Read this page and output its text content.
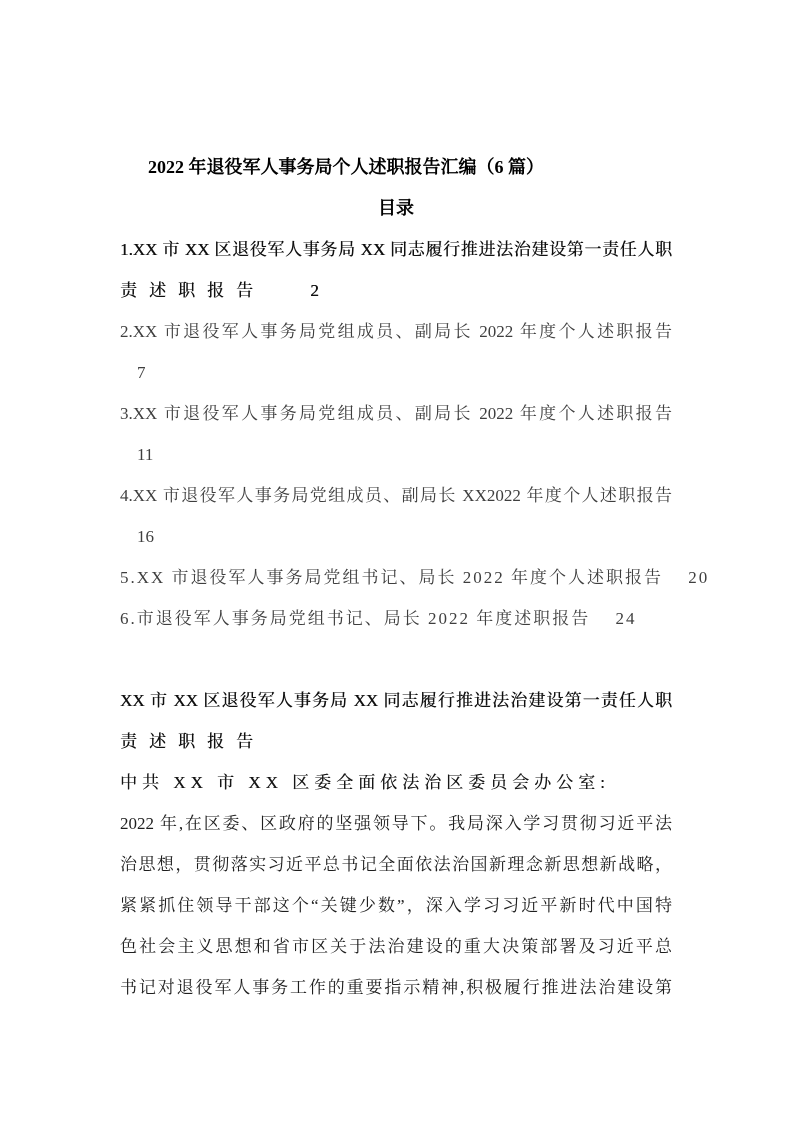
2022 年退役军人事务局个人述职报告汇编（6 篇）
目录
1.XX 市 XX 区退役军人事务局 XX 同志履行推进法治建设第一责任人职
责述职报告　 2
2.XX 市退役军人事务局党组成员、副局长 2022 年度个人述职报告
7
3.XX 市退役军人事务局党组成员、副局长 2022 年度个人述职报告
11
4.XX 市退役军人事务局党组成员、副局长 XX2022 年度个人述职报告
16
5.XX 市退役军人事务局党组书记、局长 2022 年度个人述职报告　 20
6.市退役军人事务局党组书记、局长 2022 年度述职报告　 24
XX 市 XX 区退役军人事务局 XX 同志履行推进法治建设第一责任人职
责述职报告
中共 XX 市 XX 区委全面依法治区委员会办公室:
2022 年,在区委、区政府的坚强领导下。我局深入学习贯彻习近平法
治思想，贯彻落实习近平总书记全面依法治国新理念新思想新战略，
紧紧抓住领导干部这个“关键少数”，深入学习习近平新时代中国特
色社会主义思想和省市区关于法治建设的重大决策部署及习近平总
书记对退役军人事务工作的重要指示精神,积极履行推进法治建设第
